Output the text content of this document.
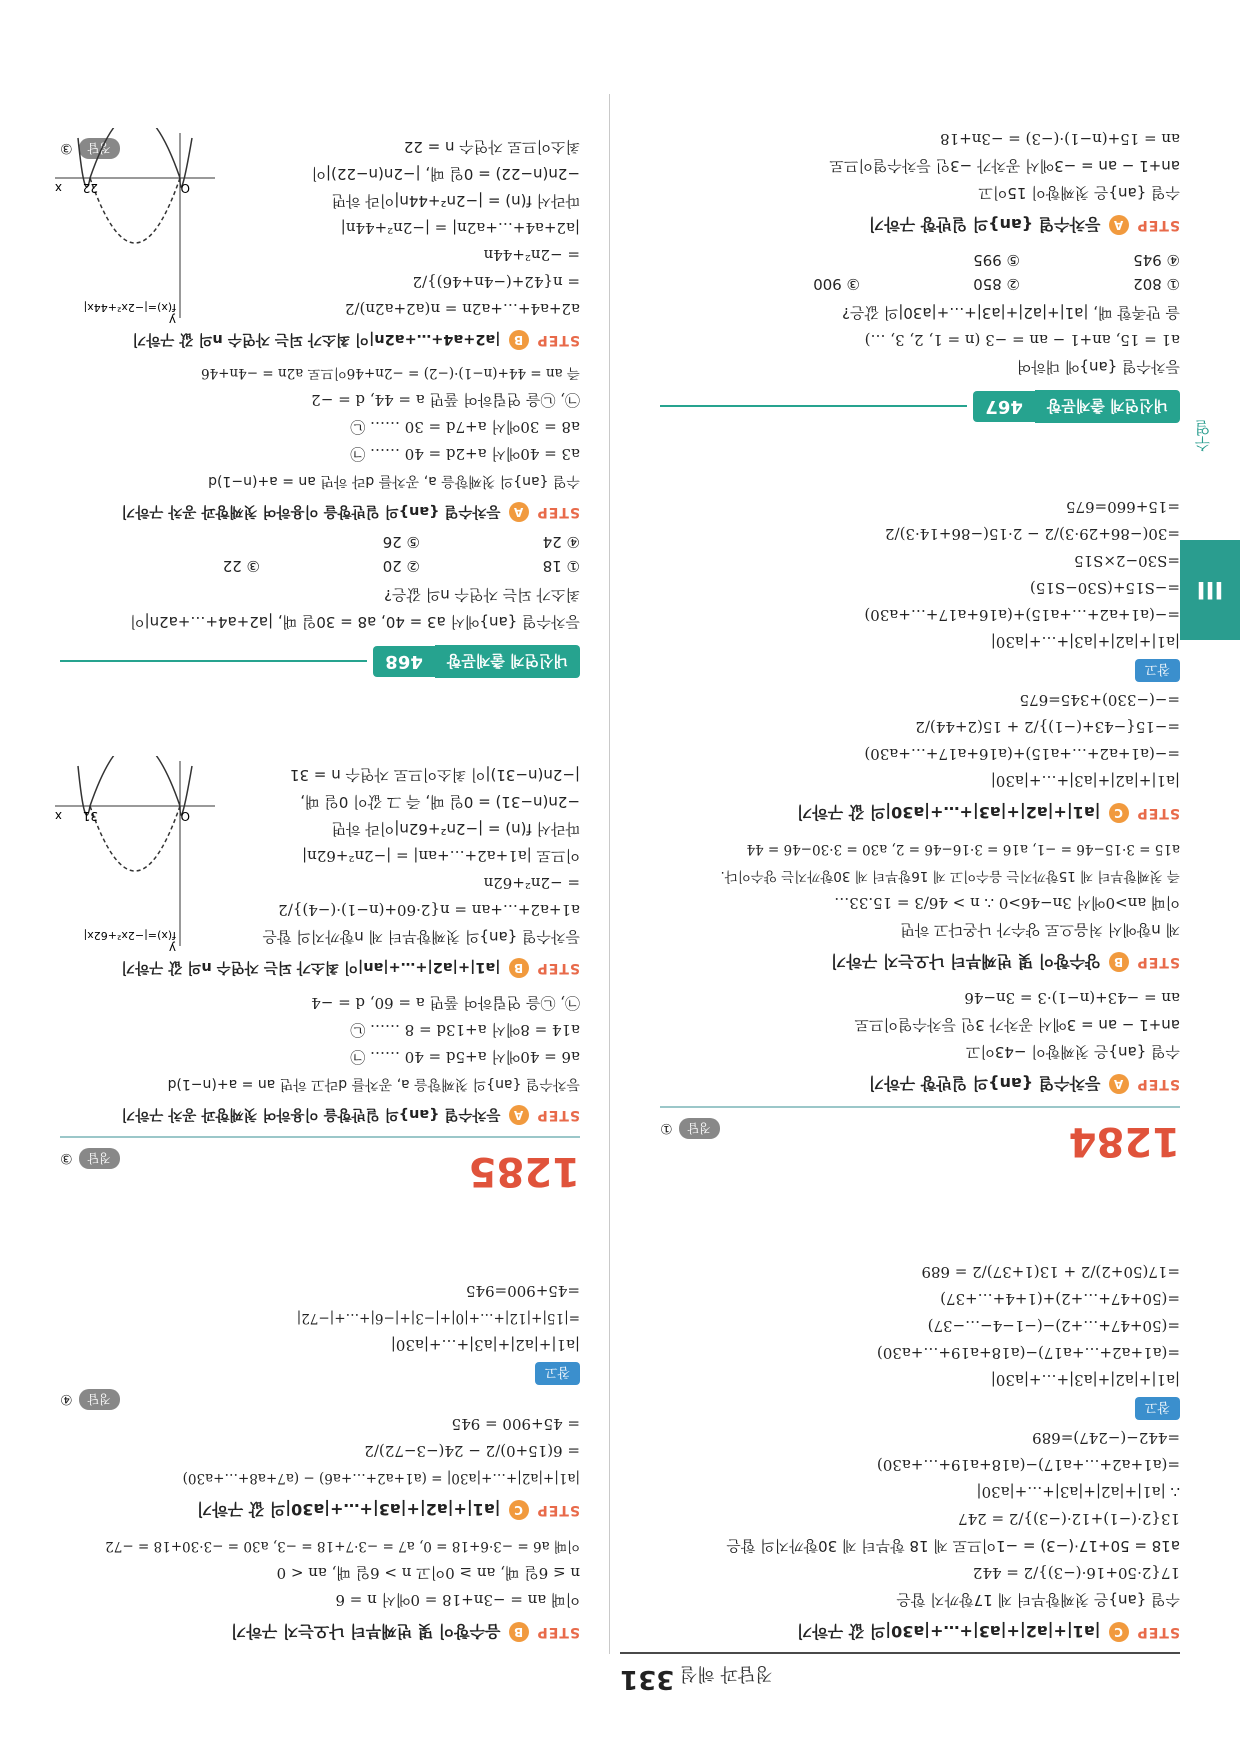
정답과 해설
331
STEP
C
|a1|+|a2|+|a3|+…+|a30|의 값 구하기
수열 {an}은 첫째항부터 제 17항까지 합은
17{2·50+16·(−3)}/2 = 442
a18 = 50+17·(−3) = −1이므로 제 18 항부터 제 30항까지의 합은
13{2·(−1)+12·(−3)}/2 = 247
∴ |a1|+|a2|+|a3|+…+|a30|
=(a1+a2+…+a17)−(a18+a19+…+a30)
=442−(−247)=689
참고
|a1|+|a2|+|a3|+…+|a30|
=(a1+a2+…+a17)−(a18+a19+…+a30)
=(50+47+…+2)−(−1−4−…−37)
=(50+47+…+2)+(1+4+…+37)
=17(50+2)/2 + 13(1+37)/2 = 689
1284
정답
①
STEP
A
등차수열 {an}의 일반항 구하기
수열 {an}은 첫째항이 −43이고
an+1 − an = 3에서 공차가 3인 등차수열이므로
an = −43+(n−1)·3 = 3n−46
STEP
B
양수항이 몇 번째부터 나오는지 구하기
제 n항에서 처음으로 양수가 나온다고 하면
이때 an>0에서 3n−46>0 ∴ n > 46/3 = 15.33…
즉 첫째항부터 제 15항까지는 음수이고 제 16항부터 제 30항까지는 양수이다.
a15 = 3·15−46 = −1, a16 = 3·16−46 = 2, a30 = 3·30−46 = 44
STEP
C
|a1|+|a2|+|a3|+…+|a30|의 값 구하기
|a1|+|a2|+|a3|+…+|a30|
=−(a1+a2+…+a15)+(a16+a17+…+a30)
=−15{−43+(−1)}/2 + 15(2+44)/2
=−(−330)+345=675
참고
|a1|+|a2|+|a3|+…+|a30|
=−(a1+a2+…+a15)+(a16+a17+…+a30)
=−S15+(S30−S15)
=S30−2×S15
=30(−86+29·3)/2 − 2·15(−86+14·3)/2
=15+660=675
내신연계 출제문항
467
등차수열 {an}에 대하여
a1 = 15, an+1 − an = −3 (n = 1, 2, 3, …)
을 만족할 때, |a1|+|a2|+|a3|+…+|a30|의 값은?
① 802
② 850
③ 900
④ 945
⑤ 995
STEP
A
등차수열 {an}의 일반항 구하기
수열 {an}은 첫째항이 15이고
an+1 − an = −3에서 공차가 −3인 등차수열이므로
an = 15+(n−1)·(−3) = −3n+18
STEP
B
음수항이 몇 번째부터 나오는지 구하기
이때 an = −3n+18 = 0에서 n = 6
n ≤ 6일 때, an ≥ 0이고 n > 6일 때, an < 0
이때 a6 = −3·6+18 = 0, a7 = −3·7+18 = −3, a30 = −3·30+18 = −72
STEP
C
|a1|+|a2|+|a3|+…+|a30|의 값 구하기
|a1|+|a2|+…+|a30| = (a1+a2+…+a6) − (a7+a8+…+a30)
= 6(15+0)/2 − 24(−3−72)/2
= 45+900 = 945
정답
④
참고
|a1|+|a2|+|a3|+…+|a30|
=|15|+|12|+…+|0|+|−3|+|−6|+…+|−72|
=45+900=945
1285
정답
③
STEP
A
등차수열 {an}의 일반항을 이용하여 첫째항과 공차 구하기
등차수열 {an}의 첫째항을 a, 공차를 d라고 하면 an = a+(n−1)d
a6 = 40에서 a+5d = 40 …… ㉠
a14 = 8에서 a+13d = 8 …… ㉡
㉠, ㉡을 연립하여 풀면 a = 60, d = −4
STEP
B
|a1|+|a2|+…+|an|이 최소가 되는 자연수 n의 값 구하기
등차수열 {an}의 첫째항부터 제 n항까지의 합은
a1+a2+…+an = n{2·60+(n−1)·(−4)}/2
= −2n²+62n
이므로 |a1+a2+…+an| = |−2n²+62n|
따라서 f(n) = |−2n²+62n|이라 하면
−2n(n−31) = 0일 때, 즉 그 값이 0일 때,
|−2n(n−31)|이 최소이므로 자연수 n = 31
f(x)=|−2x²+62x|
O
31
x
y
내신연계 출제문항
468
등차수열 {an}에서 a3 = 40, a8 = 30일 때, |a2+a4+…+a2n|이
최소가 되는 자연수 n의 값은?
① 18
② 20
③ 22
④ 24
⑤ 26
STEP
A
등차수열 {an}의 일반항을 이용하여 첫째항과 공차 구하기
수열 {an}의 첫째항을 a, 공차를 d라 하면 an = a+(n−1)d
a3 = 40에서 a+2d = 40 …… ㉠
a8 = 30에서 a+7d = 30 …… ㉡
㉠, ㉡을 연립하여 풀면 a = 44, d = −2
즉 an = 44+(n−1)·(−2) = −2n+46이므로 a2n = −4n+46
STEP
B
|a2+a4+…+a2n|이 최소가 되는 자연수 n의 값 구하기
a2+a4+…+a2n = n(a2+a2n)/2
= n{42+(−4n+46)}/2
= −2n²+44n
|a2+a4+…+a2n| = |−2n²+44n|
따라서 f(n) = |−2n²+44n|이라 하면
−2n(n−22) = 0일 때, |−2n(n−22)|이
최소이므로 자연수 n = 22
정답
③
f(x)=|−2x²+44x|
O
22
x
y
III
수열
